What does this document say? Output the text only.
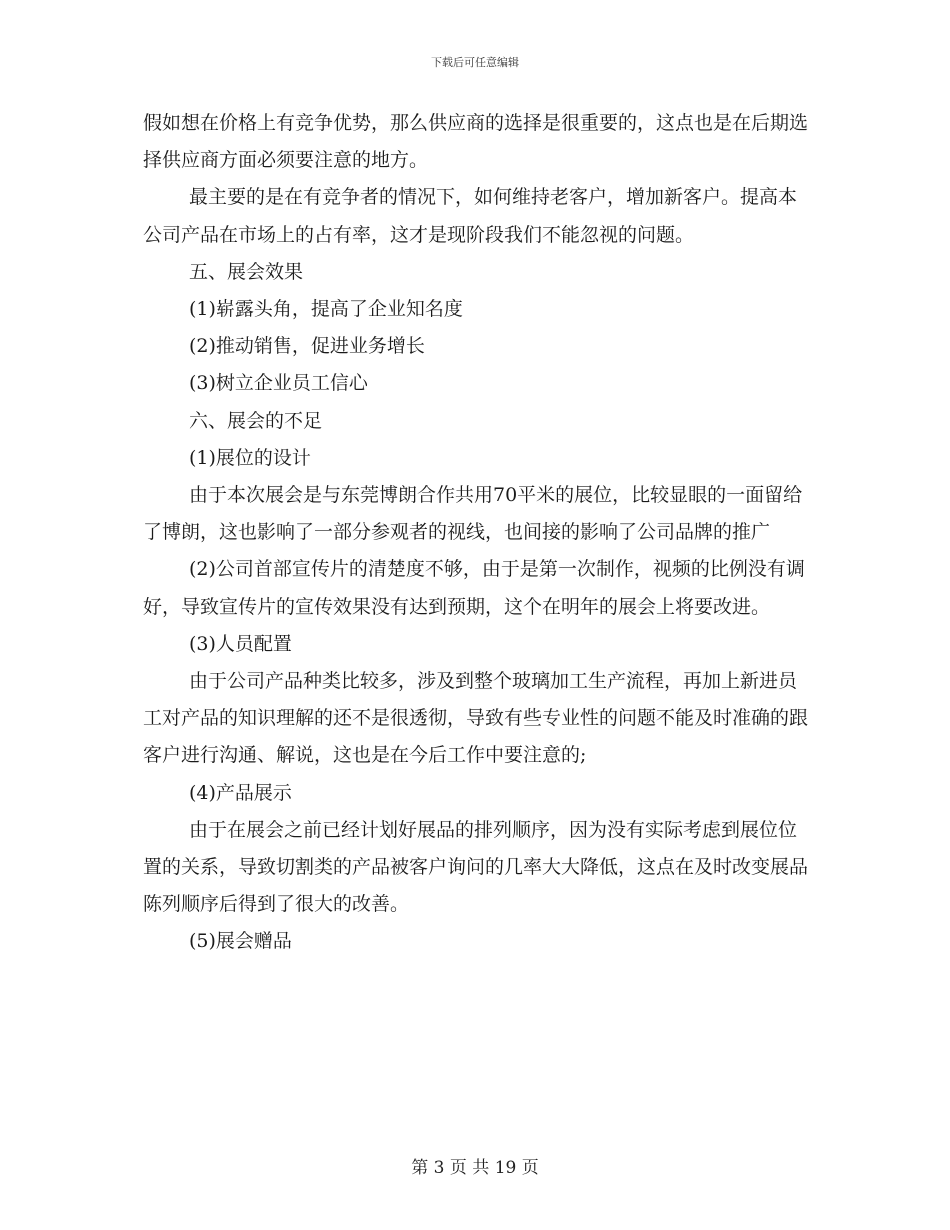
下载后可任意编辑

假如想在价格上有竞争优势，那么供应商的选择是很重要的，这点也是在后期选择供应商方面必须要注意的地方。

最主要的是在有竞争者的情况下，如何维持老客户，增加新客户。提高本公司产品在市场上的占有率，这才是现阶段我们不能忽视的问题。

五、展会效果

(1)崭露头角，提高了企业知名度

(2)推动销售，促进业务增长

(3)树立企业员工信心

六、展会的不足

(1)展位的设计

由于本次展会是与东莞博朗合作共用70平米的展位，比较显眼的一面留给了博朗，这也影响了一部分参观者的视线，也间接的影响了公司品牌的推广

(2)公司首部宣传片的清楚度不够，由于是第一次制作，视频的比例没有调好，导致宣传片的宣传效果没有达到预期，这个在明年的展会上将要改进。

(3)人员配置

由于公司产品种类比较多，涉及到整个玻璃加工生产流程，再加上新进员工对产品的知识理解的还不是很透彻，导致有些专业性的问题不能及时准确的跟客户进行沟通、解说，这也是在今后工作中要注意的;

(4)产品展示

由于在展会之前已经计划好展品的排列顺序，因为没有实际考虑到展位位置的关系，导致切割类的产品被客户询问的几率大大降低，这点在及时改变展品陈列顺序后得到了很大的改善。

(5)展会赠品

第 3 页 共 19 页
